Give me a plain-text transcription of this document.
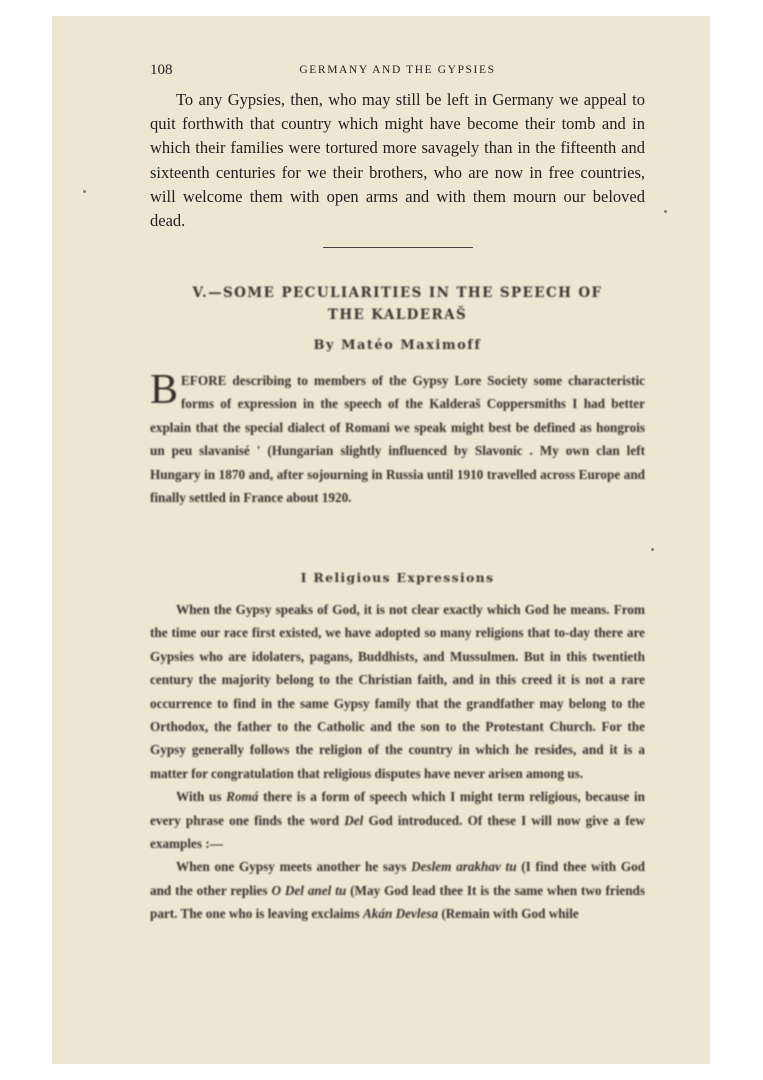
108	GERMANY AND THE GYPSIES

To any Gypsies, then, who may still be left in Germany we appeal to quit forthwith that country which might have become their tomb and in which their families were tortured more savagely than in the fifteenth and sixteenth centuries for we their brothers, who are now in free countries, will welcome them with open arms and with them mourn our beloved dead.

V.—SOME PECULIARITIES IN THE SPEECH OF
THE KALDERAŠ
By Matéo Maximoff

BEFORE describing to members of the Gypsy Lore Society some characteristic forms of expression in the speech of the Kalderaš Coppersmiths I had better explain that the special dialect of Romani we speak might best be defined as hongrois un peu slavanisé ' (Hungarian slightly influenced by Slavonic . My own clan left Hungary in 1870 and, after sojourning in Russia until 1910 travelled across Europe and finally settled in France about 1920.

I Religious Expressions

When the Gypsy speaks of God, it is not clear exactly which God he means. From the time our race first existed, we have adopted so many religions that to-day there are Gypsies who are idolaters, pagans, Buddhists, and Mussulmen. But in this twentieth century the majority belong to the Christian faith, and in this creed it is not a rare occurrence to find in the same Gypsy family that the grandfather may belong to the Orthodox, the father to the Catholic and the son to the Protestant Church. For the Gypsy generally follows the religion of the country in which he resides, and it is a matter for congratulation that religious disputes have never arisen among us.

With us Romá there is a form of speech which I might term religious, because in every phrase one finds the word Del God introduced. Of these I will now give a few examples :—

When one Gypsy meets another he says Deslem arakhav tu (I find thee with God and the other replies O Del anel tu (May God lead thee It is the same when two friends part. The one who is leaving exclaims Akán Devlesa (Remain with God while
